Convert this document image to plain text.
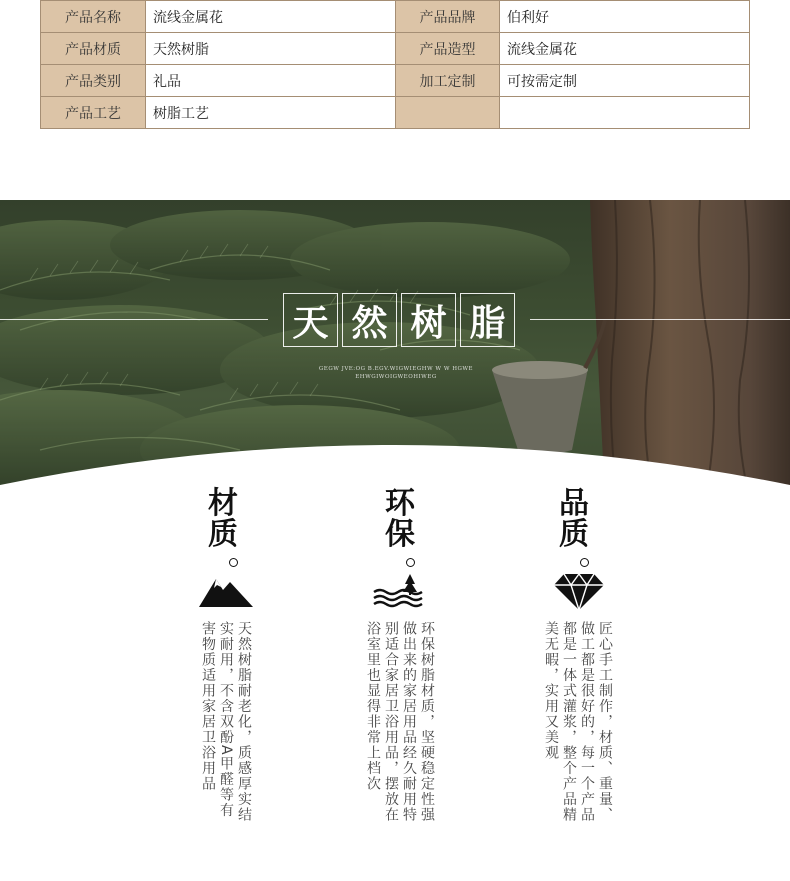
产品名称	流线金属花	产品品牌	伯利好
产品材质	天然树脂	产品造型	流线金属花
产品类别	礼品	加工定制	可按需定制
产品工艺	树脂工艺		
天 然 树 脂
GEGW JVE:OG B.EGV.WIGWIEGHW W W HGWE
EHWGIWOIGWEOHIWEG
材质
天然树脂耐老化，质感厚实结
实耐用，不含双酚A甲醛等有
害物质适用家居卫浴用品
环保
环保树脂材质，坚硬稳定性强
做出来的家居用品经久耐用特
别适合家居卫浴用品，摆放在
浴室里也显得非常上档次
品质
匠心手工制作，材质、重量、
做工都是很好的，每一个产品
都是一体式灌浆，整个产品精
美无暇，实用又美观
